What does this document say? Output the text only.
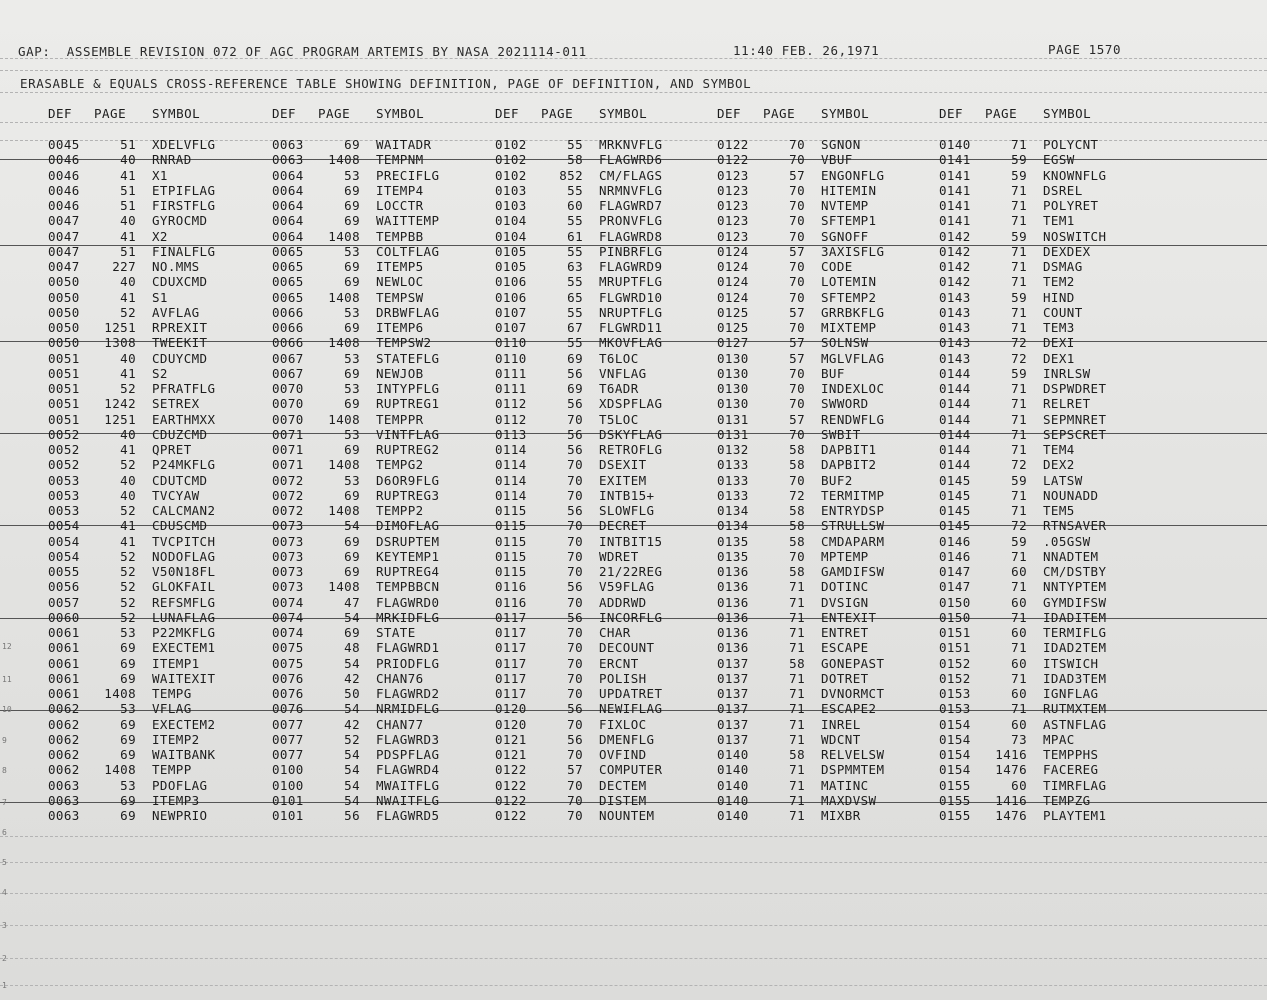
GAP:  ASSEMBLE REVISION 072 OF AGC PROGRAM ARTEMIS BY NASA 2021114-011	11:40 FEB. 26,1971	PAGE 1570
ERASABLE & EQUALS CROSS-REFERENCE TABLE SHOWING DEFINITION, PAGE OF DEFINITION, AND SYMBOL
DEF	PAGE	SYMBOL
0045	51 XDELVFLG
0046	40 RNRAD
0046	41 X1
0046	51 ETPIFLAG
0046	51 FIRSTFLG
0047	40 GYROCMD
0047	41 X2
0047	51 FINALFLG
0047	227 NO.MMS
0050	40 CDUXCMD
0050	41 S1
0050	52 AVFLAG
0050	1251 RPREXIT
0050	1308 TWEEKIT
0051	40 CDUYCMD
0051	41 S2
0051	52 PFRATFLG
0051	1242 SETREX
0051	1251 EARTHMXX
0052	40 CDUZCMD
0052	41 QPRET
0052	52 P24MKFLG
0053	40 CDUTCMD
0053	40 TVCYAW
0053	52 CALCMAN2
0054	41 CDUSCMD
0054	41 TVCPITCH
0054	52 NODOFLAG
0055	52 V50N18FL
0056	52 GLOKFAIL
0057	52 REFSMFLG
0060	52 LUNAFLAG
0061	53 P22MKFLG
0061	69 EXECTEM1
0061	69 ITEMP1
0061	69 WAITEXIT
0061	1408 TEMPG
0062	53 VFLAG
0062	69 EXECTEM2
0062	69 ITEMP2
0062	69 WAITBANK
0062	1408 TEMPP
0063	53 PDOFLAG
0063	69 ITEMP3
0063	69 NEWPRIO
DEF	PAGE	SYMBOL
0063	69 WAITADR
0063	1408 TEMPNM
0064	53 PRECIFLG
0064	69 ITEMP4
0064	69 LOCCTR
0064	69 WAITTEMP
0064	1408 TEMPBB
0065	53 COLTFLAG
0065	69 ITEMP5
0065	69 NEWLOC
0065	1408 TEMPSW
0066	53 DRBWFLAG
0066	69 ITEMP6
0066	1408 TEMPSW2
0067	53 STATEFLG
0067	69 NEWJOB
0070	53 INTYPFLG
0070	69 RUPTREG1
0070	1408 TEMPPR
0071	53 VINTFLAG
0071	69 RUPTREG2
0071	1408 TEMPG2
0072	53 D6OR9FLG
0072	69 RUPTREG3
0072	1408 TEMPP2
0073	54 DIMOFLAG
0073	69 DSRUPTEM
0073	69 KEYTEMP1
0073	69 RUPTREG4
0073	1408 TEMPBBCN
0074	47 FLAGWRD0
0074	54 MRKIDFLG
0074	69 STATE
0075	48 FLAGWRD1
0075	54 PRIODFLG
0076	42 CHAN76
0076	50 FLAGWRD2
0076	54 NRMIDFLG
0077	42 CHAN77
0077	52 FLAGWRD3
0077	54 PDSPFLAG
0100	54 FLAGWRD4
0100	54 MWAITFLG
0101	54 NWAITFLG
0101	56 FLAGWRD5
DEF	PAGE	SYMBOL
0102	55 MRKNVFLG
0102	58 FLAGWRD6
0102	852 CM/FLAGS
0103	55 NRMNVFLG
0103	60 FLAGWRD7
0104	55 PRONVFLG
0104	61 FLAGWRD8
0105	55 PINBRFLG
0105	63 FLAGWRD9
0106	55 MRUPTFLG
0106	65 FLGWRD10
0107	55 NRUPTFLG
0107	67 FLGWRD11
0110	55 MKOVFLAG
0110	69 T6LOC
0111	56 VNFLAG
0111	69 T6ADR
0112	56 XDSPFLAG
0112	70 T5LOC
0113	56 DSKYFLAG
0114	56 RETROFLG
0114	70 DSEXIT
0114	70 EXITEM
0114	70 INTB15+
0115	56 SLOWFLG
0115	70 DECRET
0115	70 INTBIT15
0115	70 WDRET
0115	70 21/22REG
0116	56 V59FLAG
0116	70 ADDRWD
0117	56 INCORFLG
0117	70 CHAR
0117	70 DECOUNT
0117	70 ERCNT
0117	70 POLISH
0117	70 UPDATRET
0120	56 NEWIFLAG
0120	70 FIXLOC
0121	56 DMENFLG
0121	70 OVFIND
0122	57 COMPUTER
0122	70 DECTEM
0122	70 DISTEM
0122	70 NOUNTEM
DEF	PAGE	SYMBOL
0122	70 SGNON
0122	70 VBUF
0123	57 ENGONFLG
0123	70 HITEMIN
0123	70 NVTEMP
0123	70 SFTEMP1
0123	70 SGNOFF
0124	57 3AXISFLG
0124	70 CODE
0124	70 LOTEMIN
0124	70 SFTEMP2
0125	57 GRRBKFLG
0125	70 MIXTEMP
0127	57 SOLNSW
0130	57 MGLVFLAG
0130	70 BUF
0130	70 INDEXLOC
0130	70 SWWORD
0131	57 RENDWFLG
0131	70 SWBIT
0132	58 DAPBIT1
0133	58 DAPBIT2
0133	70 BUF2
0133	72 TERMITMP
0134	58 ENTRYDSP
0134	58 STRULLSW
0135	58 CMDAPARM
0135	70 MPTEMP
0136	58 GAMDIFSW
0136	71 DOTINC
0136	71 DVSIGN
0136	71 ENTEXIT
0136	71 ENTRET
0136	71 ESCAPE
0137	58 GONEPAST
0137	71 DOTRET
0137	71 DVNORMCT
0137	71 ESCAPE2
0137	71 INREL
0137	71 WDCNT
0140	58 RELVELSW
0140	71 DSPMMTEM
0140	71 MATINC
0140	71 MAXDVSW
0140	71 MIXBR
DEF	PAGE	SYMBOL
0140	71 POLYCNT
0141	59 EGSW
0141	59 KNOWNFLG
0141	71 DSREL
0141	71 POLYRET
0141	71 TEM1
0142	59 NOSWITCH
0142	71 DEXDEX
0142	71 DSMAG
0142	71 TEM2
0143	59 HIND
0143	71 COUNT
0143	71 TEM3
0143	72 DEXI
0143	72 DEX1
0144	59 INRLSW
0144	71 DSPWDRET
0144	71 RELRET
0144	71 SEPMNRET
0144	71 SEPSCRET
0144	71 TEM4
0144	72 DEX2
0145	59 LATSW
0145	71 NOUNADD
0145	71 TEM5
0145	72 RTNSAVER
0146	59 .05GSW
0146	71 NNADTEM
0147	60 CM/DSTBY
0147	71 NNTYPTEM
0150	60 GYMDIFSW
0150	71 IDADITEM
0151	60 TERMIFLG
0151	71 IDAD2TEM
0152	60 ITSWICH
0152	71 IDAD3TEM
0153	60 IGNFLAG
0153	71 RUTMXTEM
0154	60 ASTNFLAG
0154	73 MPAC
0154	1416 TEMPPHS
0154	1476 FACEREG
0155	60 TIMRFLAG
0155	1416 TEMPZG
0155	1476 PLAYTEM1
12
11
10
9
8
7
6
5
4
3
2
1
